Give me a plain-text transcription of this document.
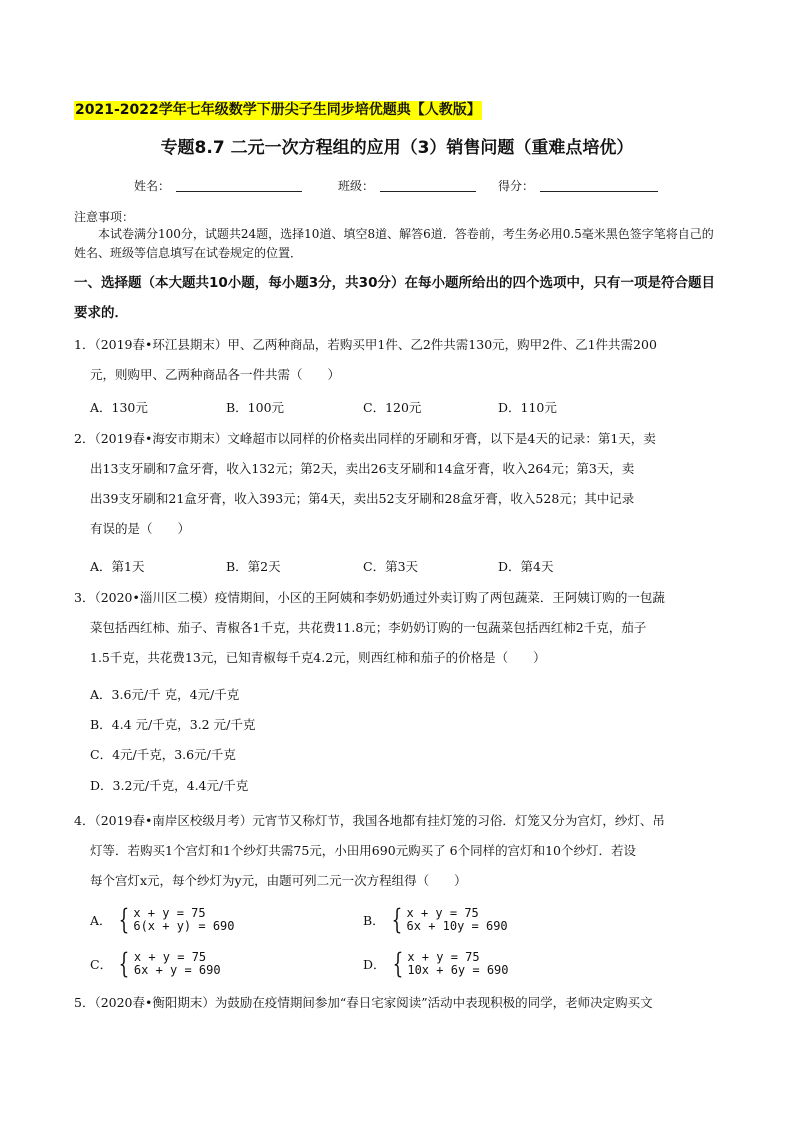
2021-2022学年七年级数学下册尖子生同步培优题典【人教版】
专题8.7 二元一次方程组的应用（3）销售问题（重难点培优）
姓名：	班级：	得分：
注意事项：
本试卷满分100分，试题共24题，选择10道、填空8道、解答6道．答卷前，考生务必用0.5毫米黑色签字笔将自己的姓名、班级等信息填写在试卷规定的位置．
一、选择题（本大题共10小题，每小题3分，共30分）在每小题所给出的四个选项中，只有一项是符合题目要求的．
1．（2019春•环江县期末）甲、乙两种商品，若购买甲1件、乙2件共需130元，购甲2件、乙1件共需200
元，则购甲、乙两种商品各一件共需（　　）
A．130元	B．100元	C．120元	D．110元
2．（2019春•海安市期末）文峰超市以同样的价格卖出同样的牙刷和牙膏，以下是4天的记录：第1天，卖
出13支牙刷和7盒牙膏，收入132元；第2天，卖出26支牙刷和14盒牙膏，收入264元；第3天，卖
出39支牙刷和21盒牙膏，收入393元；第4天，卖出52支牙刷和28盒牙膏，收入528元；其中记录
有误的是（　　）
A．第1天	B．第2天	C．第3天	D．第4天
3．（2020•淄川区二模）疫情期间，小区的王阿姨和李奶奶通过外卖订购了两包蔬菜．王阿姨订购的一包蔬
菜包括西红柿、茄子、青椒各1千克，共花费11.8元；李奶奶订购的一包蔬菜包括西红柿2千克，茄子
1.5千克，共花费13元，已知青椒每千克4.2元，则西红柿和茄子的价格是（　　）
A．3.6元/千 克，4元/千克
B．4.4 元/千克，3.2 元/千克
C．4元/千克，3.6元/千克
D．3.2元/千克，4.4元/千克
4．（2019春•南岸区校级月考）元宵节又称灯节，我国各地都有挂灯笼的习俗．灯笼又分为宫灯，纱灯、吊
灯等．若购买1个宫灯和1个纱灯共需75元，小田用690元购买了 6个同样的宫灯和10个纱灯．若设
每个宫灯x元，每个纱灯为y元，由题可列二元一次方程组得（　　）
A． { x + y = 75
6(x + y) = 690	B． { x + y = 75
6x + 10y = 690
C． { x + y = 75
6x + y = 690	D． { x + y = 75
10x + 6y = 690
5．（2020春•衡阳期末）为鼓励在疫情期间参加“春日宅家阅读”活动中表现积极的同学，老师决定购买文
